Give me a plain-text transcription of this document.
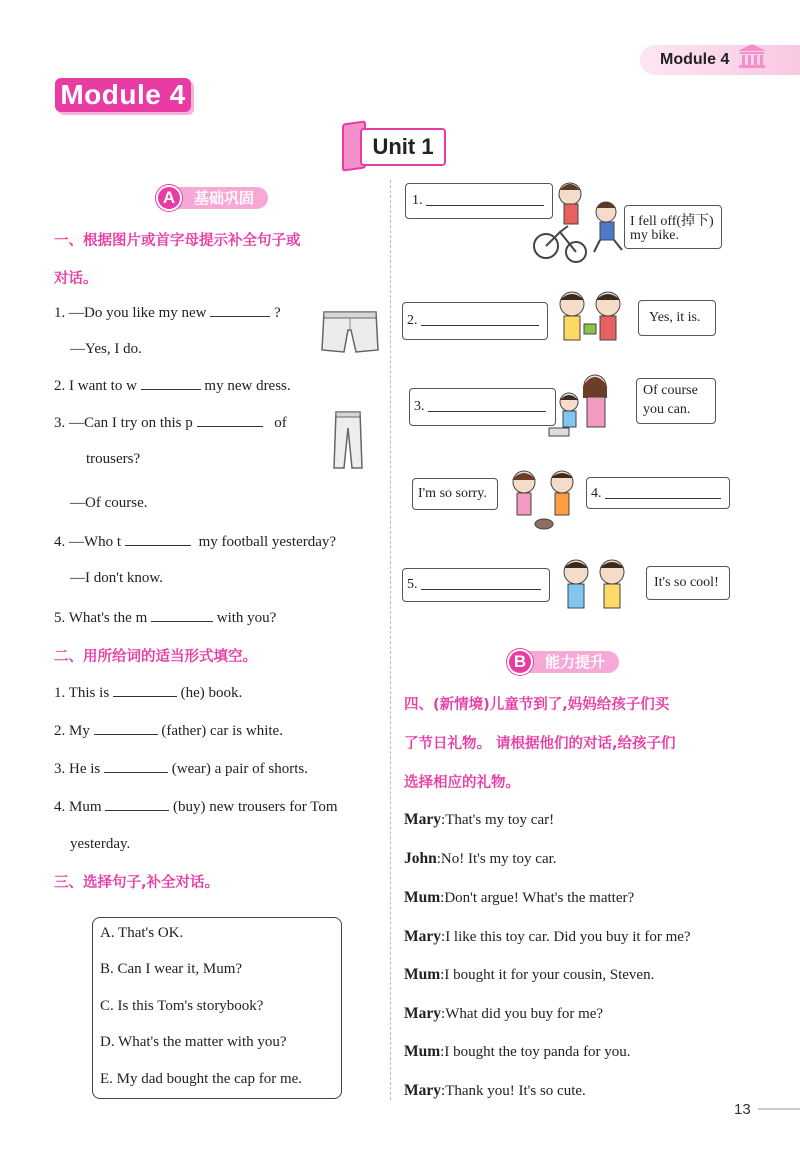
Module 4
Module 4
Unit 1
基础巩固
A
一、根据图片或首字母提示补全句子或
对话。
1. —Do you like my new	?
—Yes, I do.
2. I want to w	my new dress.
3. —Can I try on this p	of
trousers?
—Of course.
4. —Who t	my football yesterday?
—I don't know.
5. What's the m	with you?
二、用所给词的适当形式填空。
1. This is	(he) book.
2. My	(father) car is white.
3. He is	(wear) a pair of shorts.
4. Mum	(buy) new trousers for Tom
yesterday.
三、选择句子,补全对话。
A. That's OK.
B. Can I wear it, Mum?
C. Is this Tom's storybook?
D. What's the matter with you?
E. My dad bought the cap for me.
1.
I fell off(掉下)
my bike.
2.	Yes, it is.
3.
Of course
you can.
I'm so sorry.	4.
5.	It's so cool!
能力提升
B
四、(新情境)儿童节到了,妈妈给孩子们买
了节日礼物。 请根据他们的对话,给孩子们
选择相应的礼物。
Mary:That's my toy car!
John:No! It's my toy car.
Mum:Don't argue! What's the matter?
Mary:I like this toy car. Did you buy it for me?
Mum:I bought it for your cousin, Steven.
Mary:What did you buy for me?
Mum:I bought the toy panda for you.
Mary:Thank you! It's so cute.
13
